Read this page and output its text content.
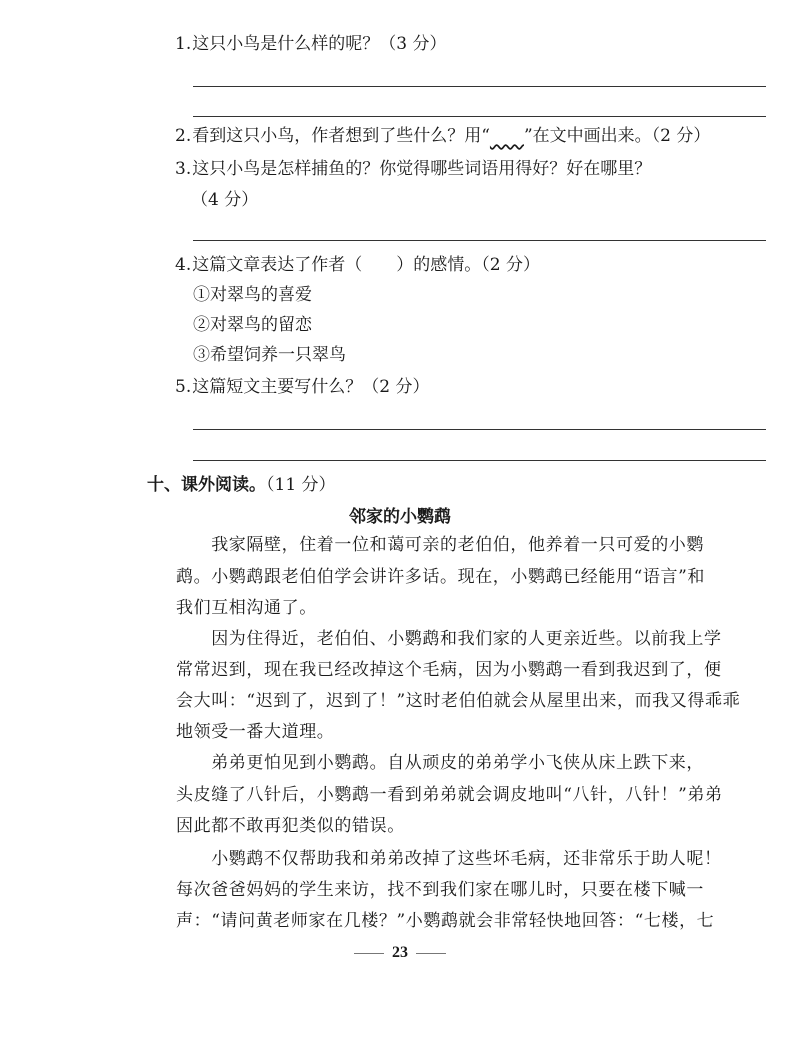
1.这只小鸟是什么样的呢？（3 分）
2.看到这只小鸟，作者想到了些什么？用“ ”在文中画出来。（2 分）
3.这只小鸟是怎样捕鱼的？你觉得哪些词语用得好？好在哪里？
（4 分）
4.这篇文章表达了作者（　　）的感情。（2 分）
①对翠鸟的喜爱
②对翠鸟的留恋
③希望饲养一只翠鸟
5.这篇短文主要写什么？（2 分）
十、课外阅读。（11 分）
邻家的小鹦鹉
　　我家隔壁，住着一位和蔼可亲的老伯伯，他养着一只可爱的小鹦
鹉。小鹦鹉跟老伯伯学会讲许多话。现在，小鹦鹉已经能用“语言”和
我们互相沟通了。
　　因为住得近，老伯伯、小鹦鹉和我们家的人更亲近些。以前我上学
常常迟到，现在我已经改掉这个毛病，因为小鹦鹉一看到我迟到了，便
会大叫：“迟到了，迟到了！”这时老伯伯就会从屋里出来，而我又得乖乖
地领受一番大道理。
　　弟弟更怕见到小鹦鹉。自从顽皮的弟弟学小飞侠从床上跌下来，
头皮缝了八针后，小鹦鹉一看到弟弟就会调皮地叫“八针，八针！”弟弟
因此都不敢再犯类似的错误。
　　小鹦鹉不仅帮助我和弟弟改掉了这些坏毛病，还非常乐于助人呢！
每次爸爸妈妈的学生来访，找不到我们家在哪儿时，只要在楼下喊一
声：“请问黄老师家在几楼？”小鹦鹉就会非常轻快地回答：“七楼，七
23
